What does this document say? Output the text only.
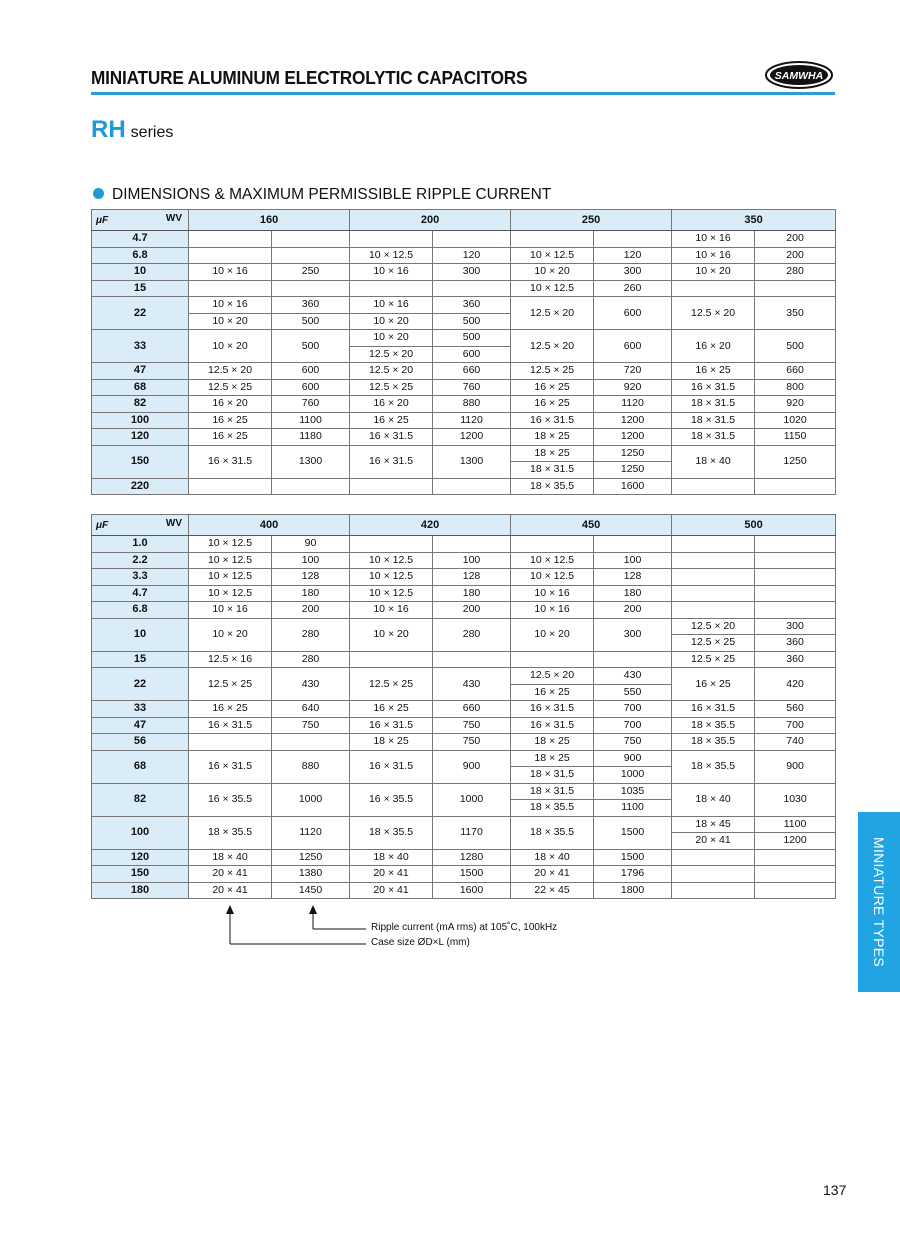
MINIATURE ALUMINUM ELECTROLYTIC CAPACITORS	SAMWHA
RH series
DIMENSIONS & MAXIMUM PERMISSIBLE RIPPLE CURRENT
μF WV	160		200		250		350	
4.7							10 × 16	200
6.8			10 × 12.5	120	10 × 12.5	120	10 × 16	200
10	10 × 16	250	10 × 16	300	10 × 20	300	10 × 20	280
15					10 × 12.5	260		
22	10 × 16	360	10 × 16	360	12.5 × 20	600	12.5 × 20	350
	10 × 20	500	10 × 20	500				
33	10 × 20	500	10 × 20	500	12.5 × 20	600	16 × 20	500
			12.5 × 20	600				
47	12.5 × 20	600	12.5 × 20	660	12.5 × 25	720	16 × 25	660
68	12.5 × 25	600	12.5 × 25	760	16 × 25	920	16 × 31.5	800
82	16 × 20	760	16 × 20	880	16 × 25	1120	18 × 31.5	920
100	16 × 25	1100	16 × 25	1120	16 × 31.5	1200	18 × 31.5	1020
120	16 × 25	1180	16 × 31.5	1200	18 × 25	1200	18 × 31.5	1150
150	16 × 31.5	1300	16 × 31.5	1300	18 × 25	1250	18 × 40	1250
					18 × 31.5	1250		
220					18 × 35.5	1600		
μF WV	400		420		450		500	
1.0	10 × 12.5	90						
2.2	10 × 12.5	100	10 × 12.5	100	10 × 12.5	100		
3.3	10 × 12.5	128	10 × 12.5	128	10 × 12.5	128		
4.7	10 × 12.5	180	10 × 12.5	180	10 × 16	180		
6.8	10 × 16	200	10 × 16	200	10 × 16	200		
10	10 × 20	280	10 × 20	280	10 × 20	300	12.5 × 20	300
							12.5 × 25	360
15	12.5 × 16	280					12.5 × 25	360
22	12.5 × 25	430	12.5 × 25	430	12.5 × 20	430	16 × 25	420
					16 × 25	550		
33	16 × 25	640	16 × 25	660	16 × 31.5	700	16 × 31.5	560
47	16 × 31.5	750	16 × 31.5	750	16 × 31.5	700	18 × 35.5	700
56			18 × 25	750	18 × 25	750	18 × 35.5	740
68	16 × 31.5	880	16 × 31.5	900	18 × 25	900	18 × 35.5	900
					18 × 31.5	1000		
82	16 × 35.5	1000	16 × 35.5	1000	18 × 31.5	1035	18 × 40	1030
					18 × 35.5	1100		
100	18 × 35.5	1120	18 × 35.5	1170	18 × 35.5	1500	18 × 45	1100
							20 × 41	1200
120	18 × 40	1250	18 × 40	1280	18 × 40	1500		
150	20 × 41	1380	20 × 41	1500	20 × 41	1796		
180	20 × 41	1450	20 × 41	1600	22 × 45	1800		
Ripple current (mA rms) at 105˚C, 100kHz
Case size ØD×L (mm)	MINIATURE TYPES
137
